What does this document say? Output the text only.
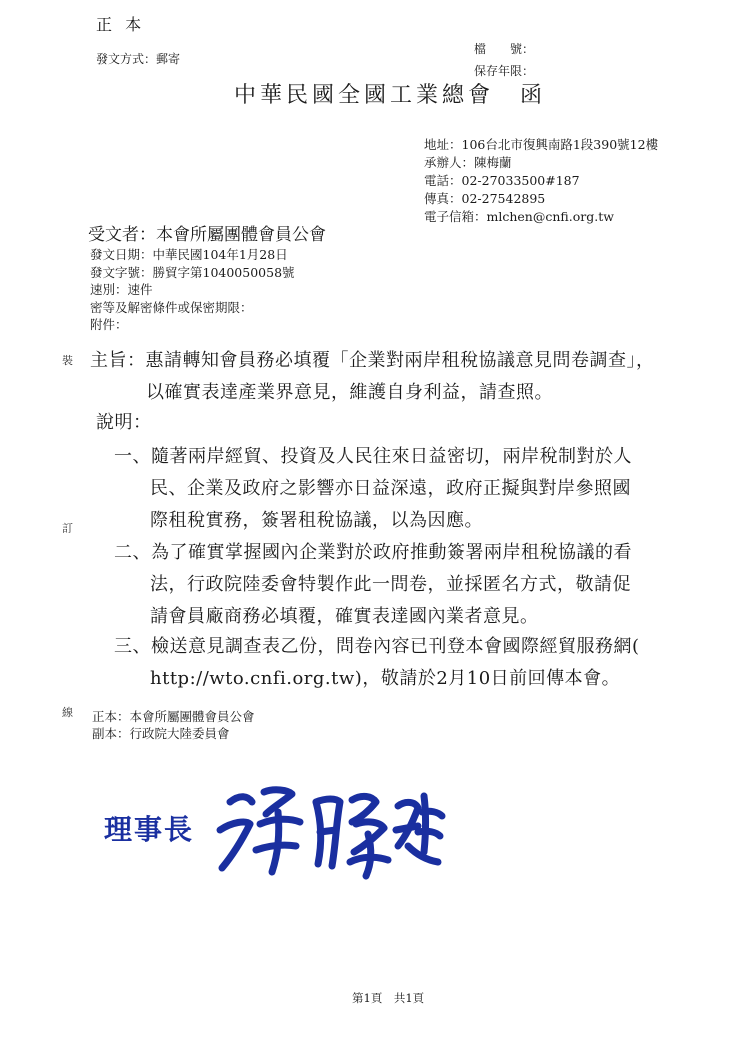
正 本
發文方式：郵寄
檔　　號：
保存年限：
中華民國全國工業總會　函
地址：106台北市復興南路1段390號12樓
承辦人：陳梅蘭
電話：02-27033500#187
傳真：02-27542895
電子信箱：mlchen@cnfi.org.tw
受文者：本會所屬團體會員公會
發文日期：中華民國104年1月28日
發文字號：勝貿字第1040050058號
速別：速件
密等及解密條件或保密期限：
附件：
裝
訂
線
主旨：惠請轉知會員務必填覆「企業對兩岸租稅協議意見問卷調查」，
以確實表達產業界意見，維護自身利益，請查照。
說明：
一、隨著兩岸經貿、投資及人民往來日益密切，兩岸稅制對於人
民、企業及政府之影響亦日益深遠，政府正擬與對岸參照國
際租稅實務，簽署租稅協議，以為因應。
二、為了確實掌握國內企業對於政府推動簽署兩岸租稅協議的看
法，行政院陸委會特製作此一問卷，並採匿名方式，敬請促
請會員廠商務必填覆，確實表達國內業者意見。
三、檢送意見調查表乙份，問卷內容已刊登本會國際經貿服務網(
http://wto.cnfi.org.tw)，敬請於2月10日前回傳本會。
正本：本會所屬團體會員公會
副本：行政院大陸委員會
理事長
第1頁　共1頁
